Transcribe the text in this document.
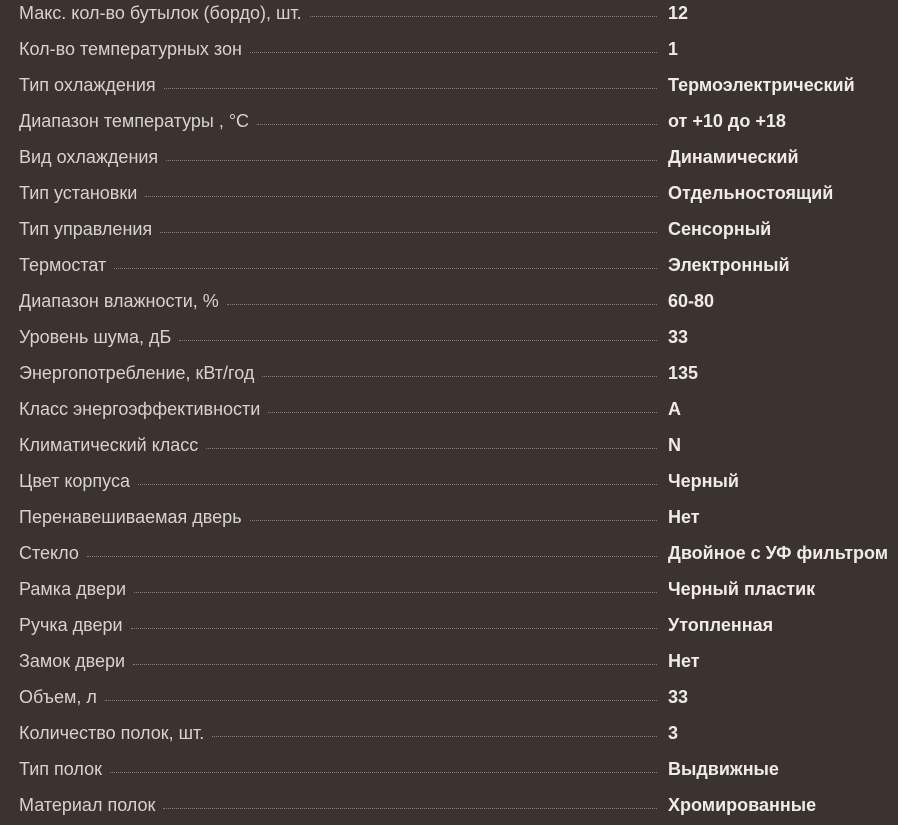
Макс. кол-во бутылок (бордо), шт.	12
Кол-во температурных зон	1
Тип охлаждения	Термоэлектрический
Диапазон температуры , °С	от +10 до +18
Вид охлаждения	Динамический
Тип установки	Отдельностоящий
Тип управления	Сенсорный
Термостат	Электронный
Диапазон влажности, %	60-80
Уровень шума, дБ	33
Энергопотребление, кВт/год	135
Класс энергоэффективности	A
Климатический класс	N
Цвет корпуса	Черный
Перенавешиваемая дверь	Нет
Стекло	Двойное с УФ фильтром
Рамка двери	Черный пластик
Ручка двери	Утопленная
Замок двери	Нет
Объем, л	33
Количество полок, шт.	3
Тип полок	Выдвижные
Материал полок	Хромированные
